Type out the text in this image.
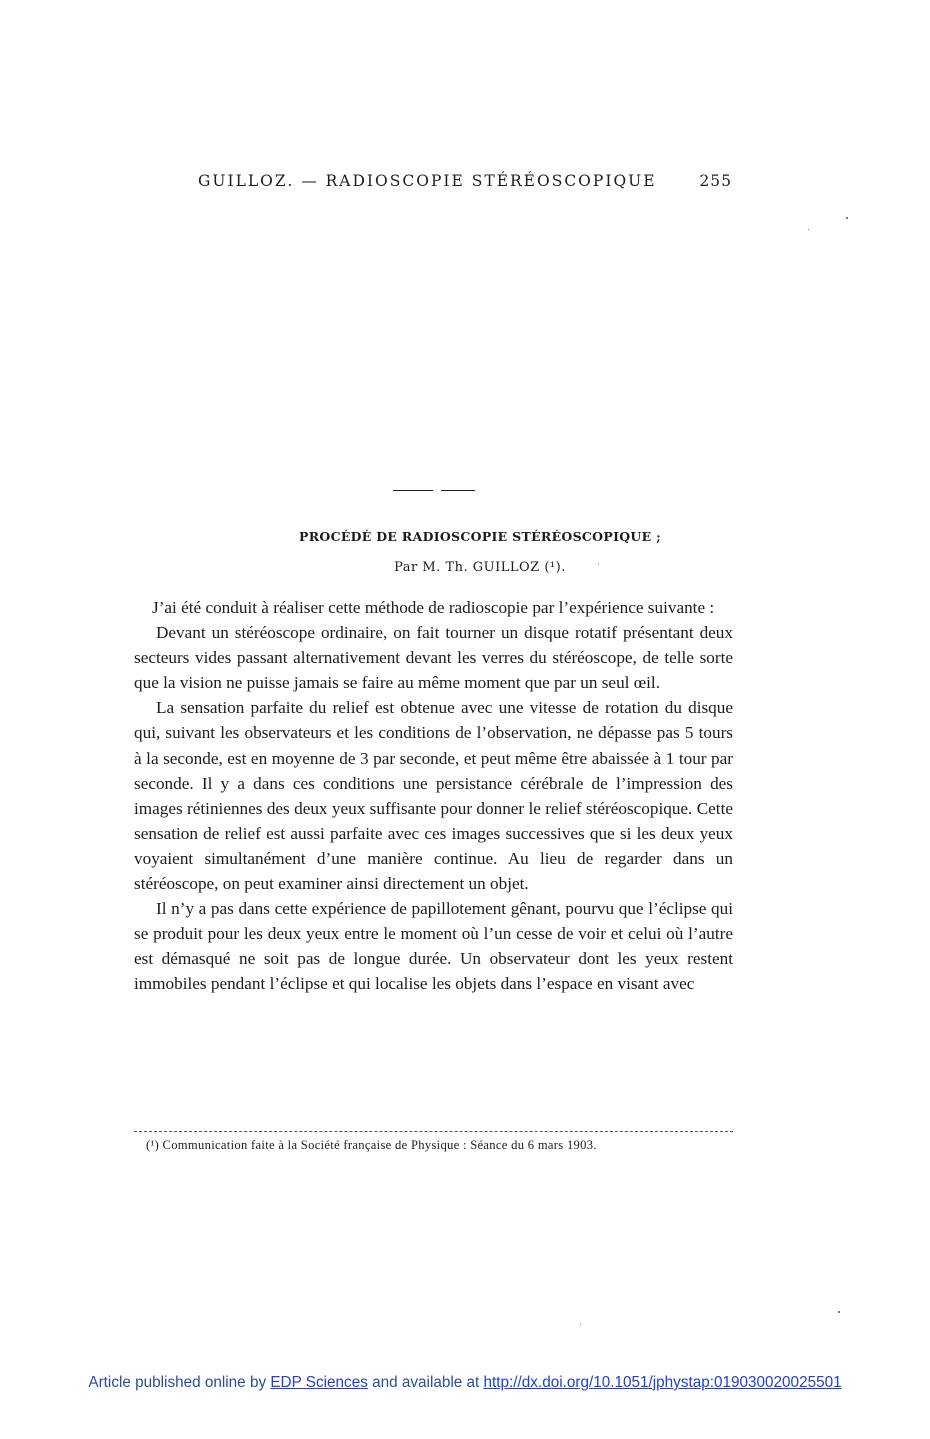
GUILLOZ. — RADIOSCOPIE STÉRÉOSCOPIQUE	255
PROCÉDÉ DE RADIOSCOPIE STÉRÉOSCOPIQUE ;
Par M. Th. GUILLOZ (¹).

J’ai été conduit à réaliser cette méthode de radioscopie par l’expérience suivante :

Devant un stéréoscope ordinaire, on fait tourner un disque rotatif présentant deux secteurs vides passant alternativement devant les verres du stéréoscope, de telle sorte que la vision ne puisse jamais se faire au même moment que par un seul œil.

La sensation parfaite du relief est obtenue avec une vitesse de rotation du disque qui, suivant les observateurs et les conditions de l’observation, ne dépasse pas 5 tours à la seconde, est en moyenne de 3 par seconde, et peut même être abaissée à 1 tour par seconde. Il y a dans ces conditions une persistance cérébrale de l’impression des images rétiniennes des deux yeux suffisante pour donner le relief stéréoscopique. Cette sensation de relief est aussi parfaite avec ces images successives que si les deux yeux voyaient simultanément d’une manière continue. Au lieu de regarder dans un stéréoscope, on peut examiner ainsi directement un objet.

Il n’y a pas dans cette expérience de papillotement gênant, pourvu que l’éclipse qui se produit pour les deux yeux entre le moment où l’un cesse de voir et celui où l’autre est démasqué ne soit pas de longue durée. Un observateur dont les yeux restent immobiles pendant l’éclipse et qui localise les objets dans l’espace en visant avec

(¹) Communication faite à la Société française de Physique : Séance du 6 mars 1903.
Article published online by EDP Sciences and available at http://dx.doi.org/10.1051/jphystap:019030020025501
